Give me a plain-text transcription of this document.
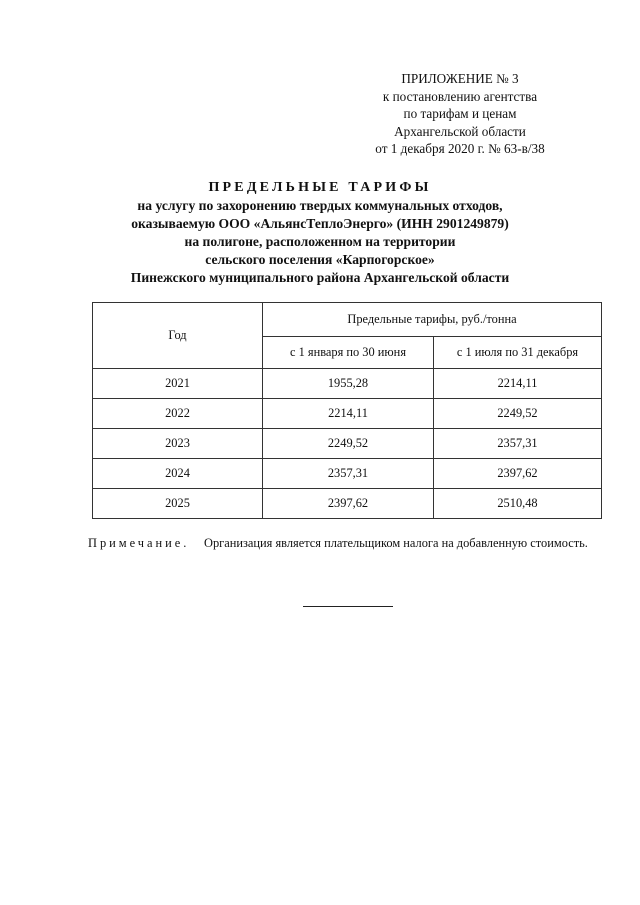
ПРИЛОЖЕНИЕ № 3
к постановлению агентства
по тарифам и ценам
Архангельской области
от 1 декабря 2020 г. № 63-в/38
ПРЕДЕЛЬНЫЕ ТАРИФЫ
на услугу по захоронению твердых коммунальных отходов,
оказываемую ООО «АльянсТеплоЭнерго» (ИНН 2901249879)
на полигоне, расположенном на территории
сельского поселения «Карпогорское»
Пинежского муниципального района Архангельской области
Год	Предельные тарифы, руб./тонна	
	с 1 января по 30 июня	с 1 июля по 31 декабря
2021	1955,28	2214,11
2022	2214,11	2249,52
2023	2249,52	2357,31
2024	2357,31	2397,62
2025	2397,62	2510,48
Примечание. Организация является плательщиком налога на добавленную стоимость.
